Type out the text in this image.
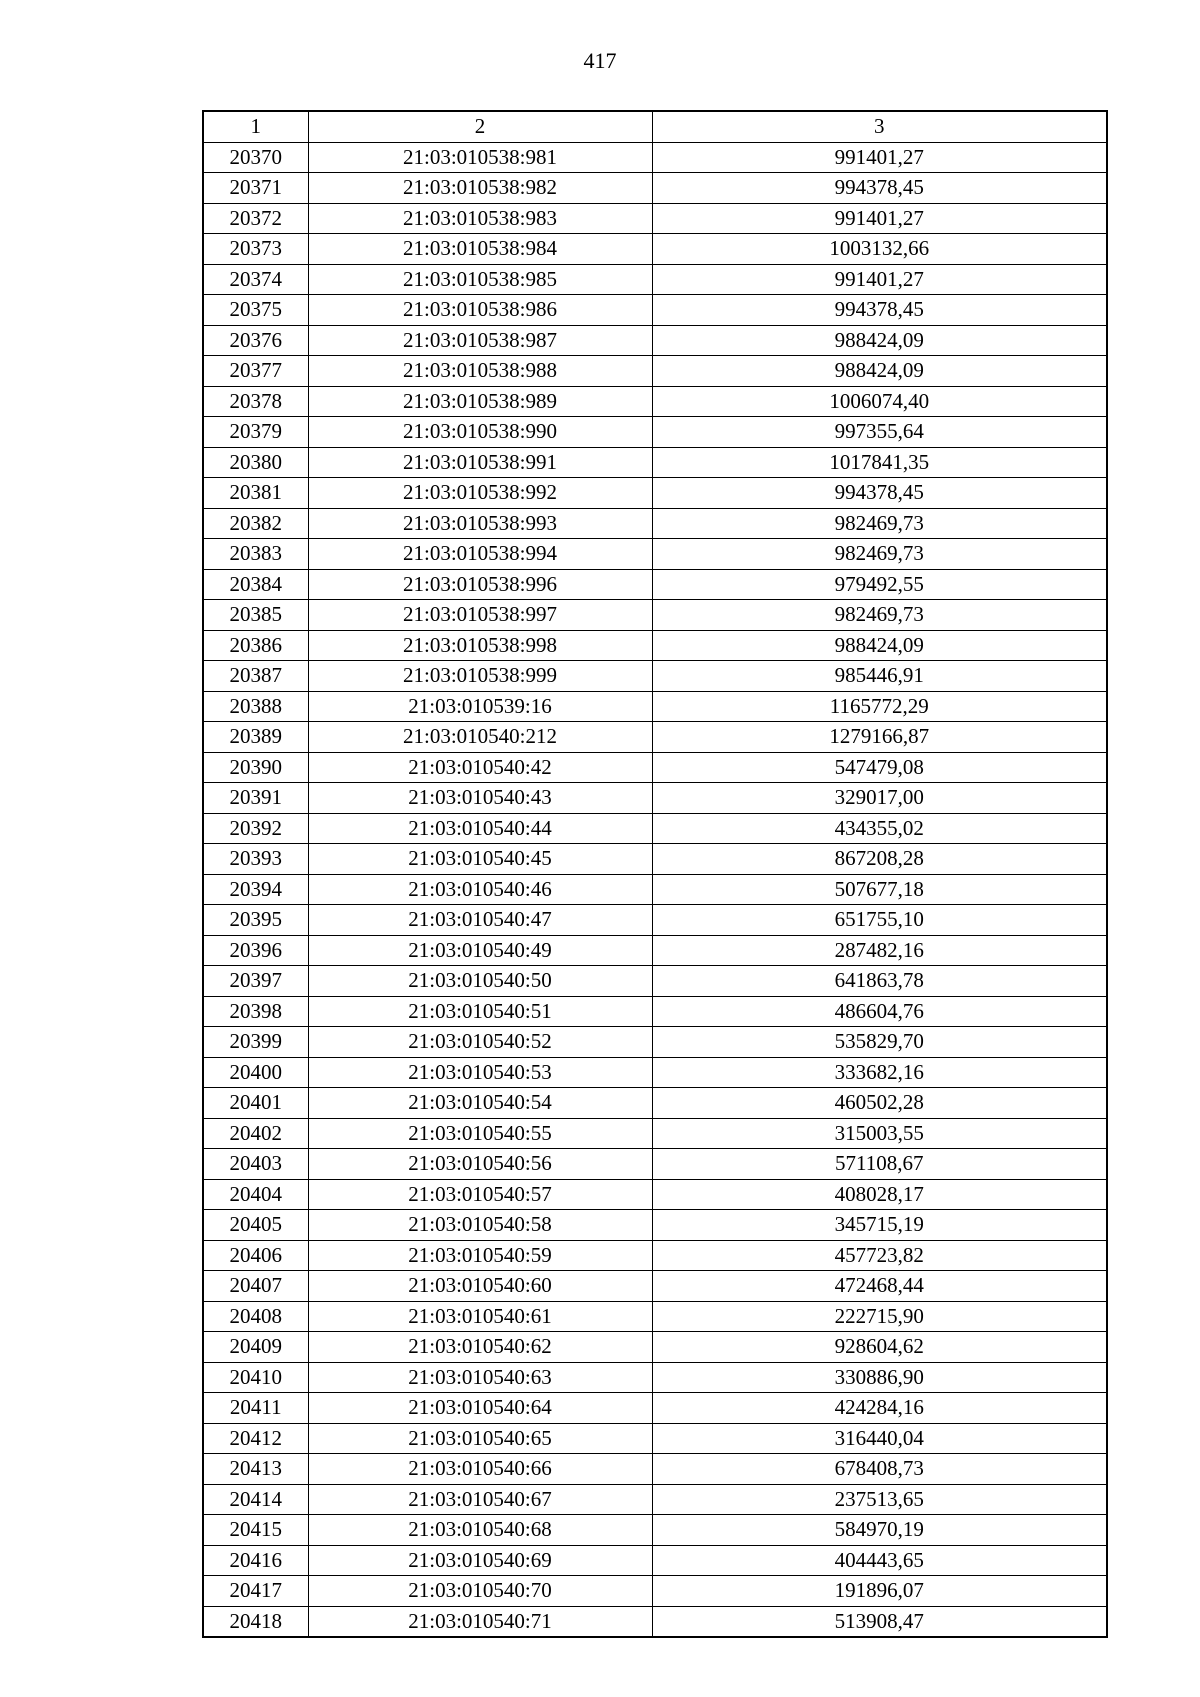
417
1	2	3
20370	21:03:010538:981	991401,27
20371	21:03:010538:982	994378,45
20372	21:03:010538:983	991401,27
20373	21:03:010538:984	1003132,66
20374	21:03:010538:985	991401,27
20375	21:03:010538:986	994378,45
20376	21:03:010538:987	988424,09
20377	21:03:010538:988	988424,09
20378	21:03:010538:989	1006074,40
20379	21:03:010538:990	997355,64
20380	21:03:010538:991	1017841,35
20381	21:03:010538:992	994378,45
20382	21:03:010538:993	982469,73
20383	21:03:010538:994	982469,73
20384	21:03:010538:996	979492,55
20385	21:03:010538:997	982469,73
20386	21:03:010538:998	988424,09
20387	21:03:010538:999	985446,91
20388	21:03:010539:16	1165772,29
20389	21:03:010540:212	1279166,87
20390	21:03:010540:42	547479,08
20391	21:03:010540:43	329017,00
20392	21:03:010540:44	434355,02
20393	21:03:010540:45	867208,28
20394	21:03:010540:46	507677,18
20395	21:03:010540:47	651755,10
20396	21:03:010540:49	287482,16
20397	21:03:010540:50	641863,78
20398	21:03:010540:51	486604,76
20399	21:03:010540:52	535829,70
20400	21:03:010540:53	333682,16
20401	21:03:010540:54	460502,28
20402	21:03:010540:55	315003,55
20403	21:03:010540:56	571108,67
20404	21:03:010540:57	408028,17
20405	21:03:010540:58	345715,19
20406	21:03:010540:59	457723,82
20407	21:03:010540:60	472468,44
20408	21:03:010540:61	222715,90
20409	21:03:010540:62	928604,62
20410	21:03:010540:63	330886,90
20411	21:03:010540:64	424284,16
20412	21:03:010540:65	316440,04
20413	21:03:010540:66	678408,73
20414	21:03:010540:67	237513,65
20415	21:03:010540:68	584970,19
20416	21:03:010540:69	404443,65
20417	21:03:010540:70	191896,07
20418	21:03:010540:71	513908,47
